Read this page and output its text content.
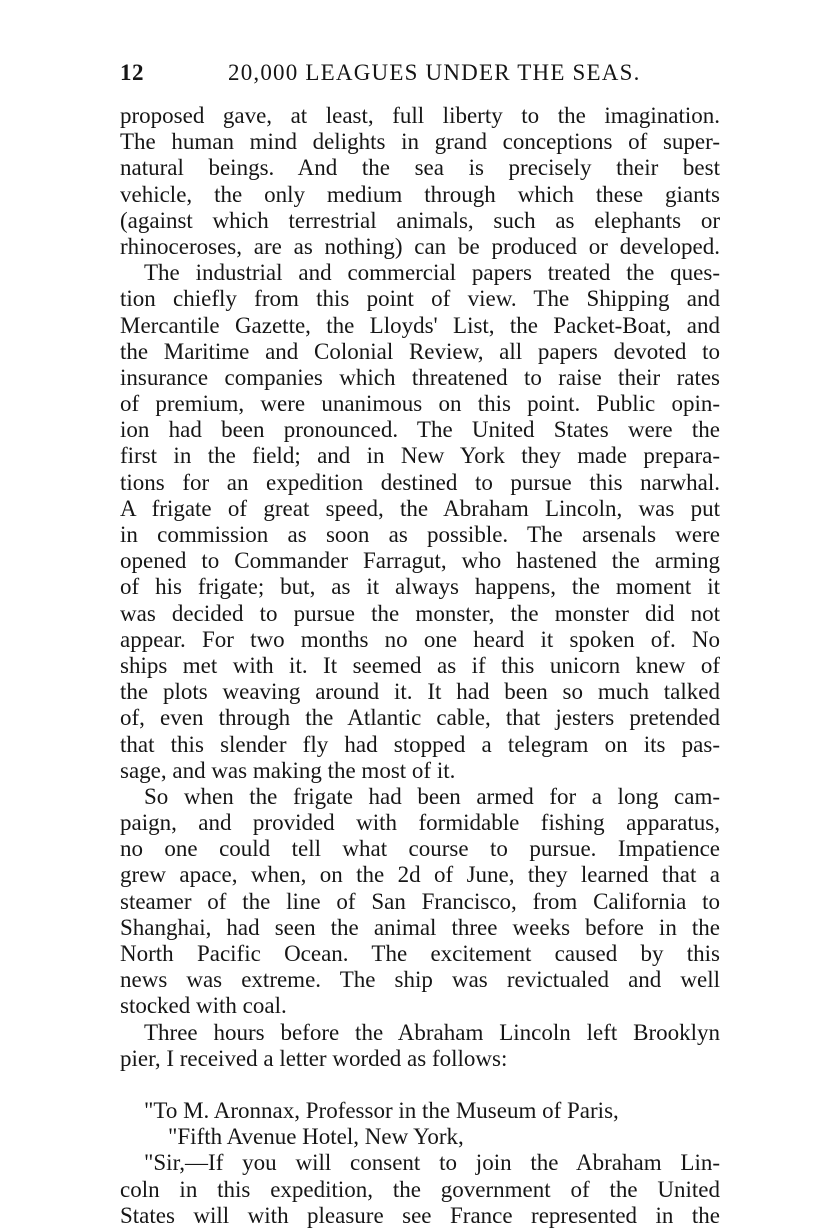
12	20,000 LEAGUES UNDER THE SEAS.
proposed gave, at least, full liberty to the imagination.
The human mind delights in grand conceptions of super-
natural beings. And the sea is precisely their best
vehicle, the only medium through which these giants
(against which terrestrial animals, such as elephants or
rhinoceroses, are as nothing) can be produced or developed.
The industrial and commercial papers treated the ques-
tion chiefly from this point of view. The Shipping and
Mercantile Gazette, the Lloyds' List, the Packet-Boat, and
the Maritime and Colonial Review, all papers devoted to
insurance companies which threatened to raise their rates
of premium, were unanimous on this point. Public opin-
ion had been pronounced. The United States were the
first in the field; and in New York they made prepara-
tions for an expedition destined to pursue this narwhal.
A frigate of great speed, the Abraham Lincoln, was put
in commission as soon as possible. The arsenals were
opened to Commander Farragut, who hastened the arming
of his frigate; but, as it always happens, the moment it
was decided to pursue the monster, the monster did not
appear. For two months no one heard it spoken of. No
ships met with it. It seemed as if this unicorn knew of
the plots weaving around it. It had been so much talked
of, even through the Atlantic cable, that jesters pretended
that this slender fly had stopped a telegram on its pas-
sage, and was making the most of it.
So when the frigate had been armed for a long cam-
paign, and provided with formidable fishing apparatus,
no one could tell what course to pursue. Impatience
grew apace, when, on the 2d of June, they learned that a
steamer of the line of San Francisco, from California to
Shanghai, had seen the animal three weeks before in the
North Pacific Ocean. The excitement caused by this
news was extreme. The ship was revictualed and well
stocked with coal.
Three hours before the Abraham Lincoln left Brooklyn
pier, I received a letter worded as follows:
"To M. Aronnax, Professor in the Museum of Paris,
"Fifth Avenue Hotel, New York,
"Sir,—If you will consent to join the Abraham Lin-
coln in this expedition, the government of the United
States will with pleasure see France represented in the
